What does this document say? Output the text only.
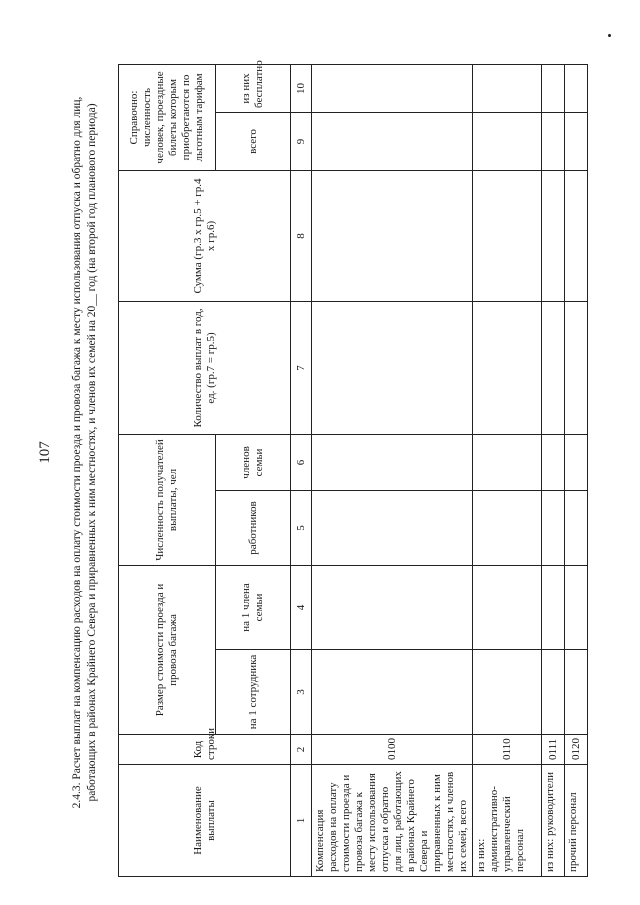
107 2.4.3. Расчет выплат на компенсацию расходов на оплату стоимости проезда и провоза багажа к месту использования отпуска и обратно для лиц, работающих в районах Крайнего Севера и приравненных к ним местностях, и членов их семей на 20__ год (на второй год планового периода)
Наименование выплаты	Код строки	Размер стоимости проезда и провоза багажа		Численность получателей выплаты, чел		Количество выплат в год, ед. (гр.7 = гр.5)	Сумма (гр.3 х гр.5 + гр.4 х гр.6)	Справочно: численность человек, проездные билеты которым приобретаются по льготным тарифам	
		на 1 сотрудника	на 1 члена семьи	работников	членов семьи			всего	из них бесплатно
1	2	3	4	5	6	7	8	9	10
Компенсация расходов на оплату стоимости проезда и провоза багажа к месту использования отпуска и обратно для лиц, работающих в районах Крайнего Севера и приравненных к ним местностях, и членов их семей, всего	0100								
из них: административно-управленческий персонал	0110								
из них: руководители	0111								
прочий персонал	0120								
